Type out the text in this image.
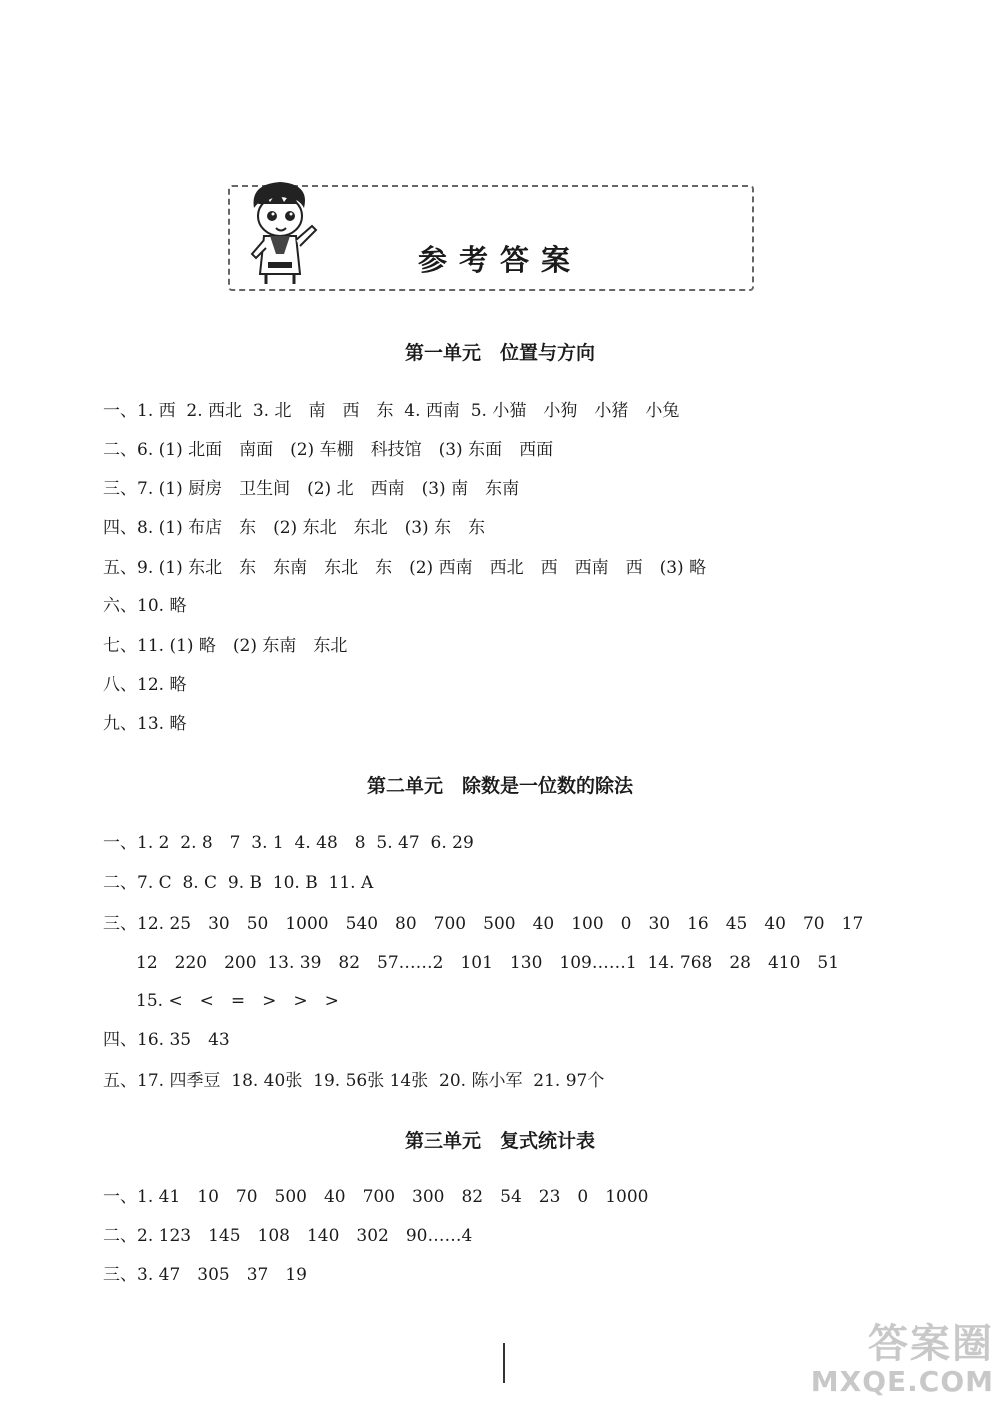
参考答案
第一单元　位置与方向
一、1. 西  2. 西北  3. 北　南　西　东  4. 西南  5. 小猫　小狗　小猪　小兔
二、6. (1) 北面　南面　(2) 车棚　科技馆　(3) 东面　西面
三、7. (1) 厨房　卫生间　(2) 北　西南　(3) 南　东南
四、8. (1) 布店　东　(2) 东北　东北　(3) 东　东
五、9. (1) 东北　东　东南　东北　东　(2) 西南　西北　西　西南　西　(3) 略
六、10. 略
七、11. (1) 略　(2) 东南　东北
八、12. 略
九、13. 略
第二单元　除数是一位数的除法
一、1. 2  2. 8　7  3. 1  4. 48　8  5. 47  6. 29
二、7. C  8. C  9. B  10. B  11. A
三、12. 25　30　50　1000　540　80　700　500　40　100　0　30　16　45　40　70　17
12　220　200  13. 39　82　57……2　101　130　109……1  14. 768　28　410　51
15. <　<　=　>　>　>
四、16. 35　43
五、17. 四季豆  18. 40张  19. 56张 14张  20. 陈小军  21. 97个
第三单元　复式统计表
一、1. 41　10　70　500　40　700　300　82　54　23　0　1000
二、2. 123　145　108　140　302　90……4
三、3. 47　305　37　19
答案圈
MXQE.COM
